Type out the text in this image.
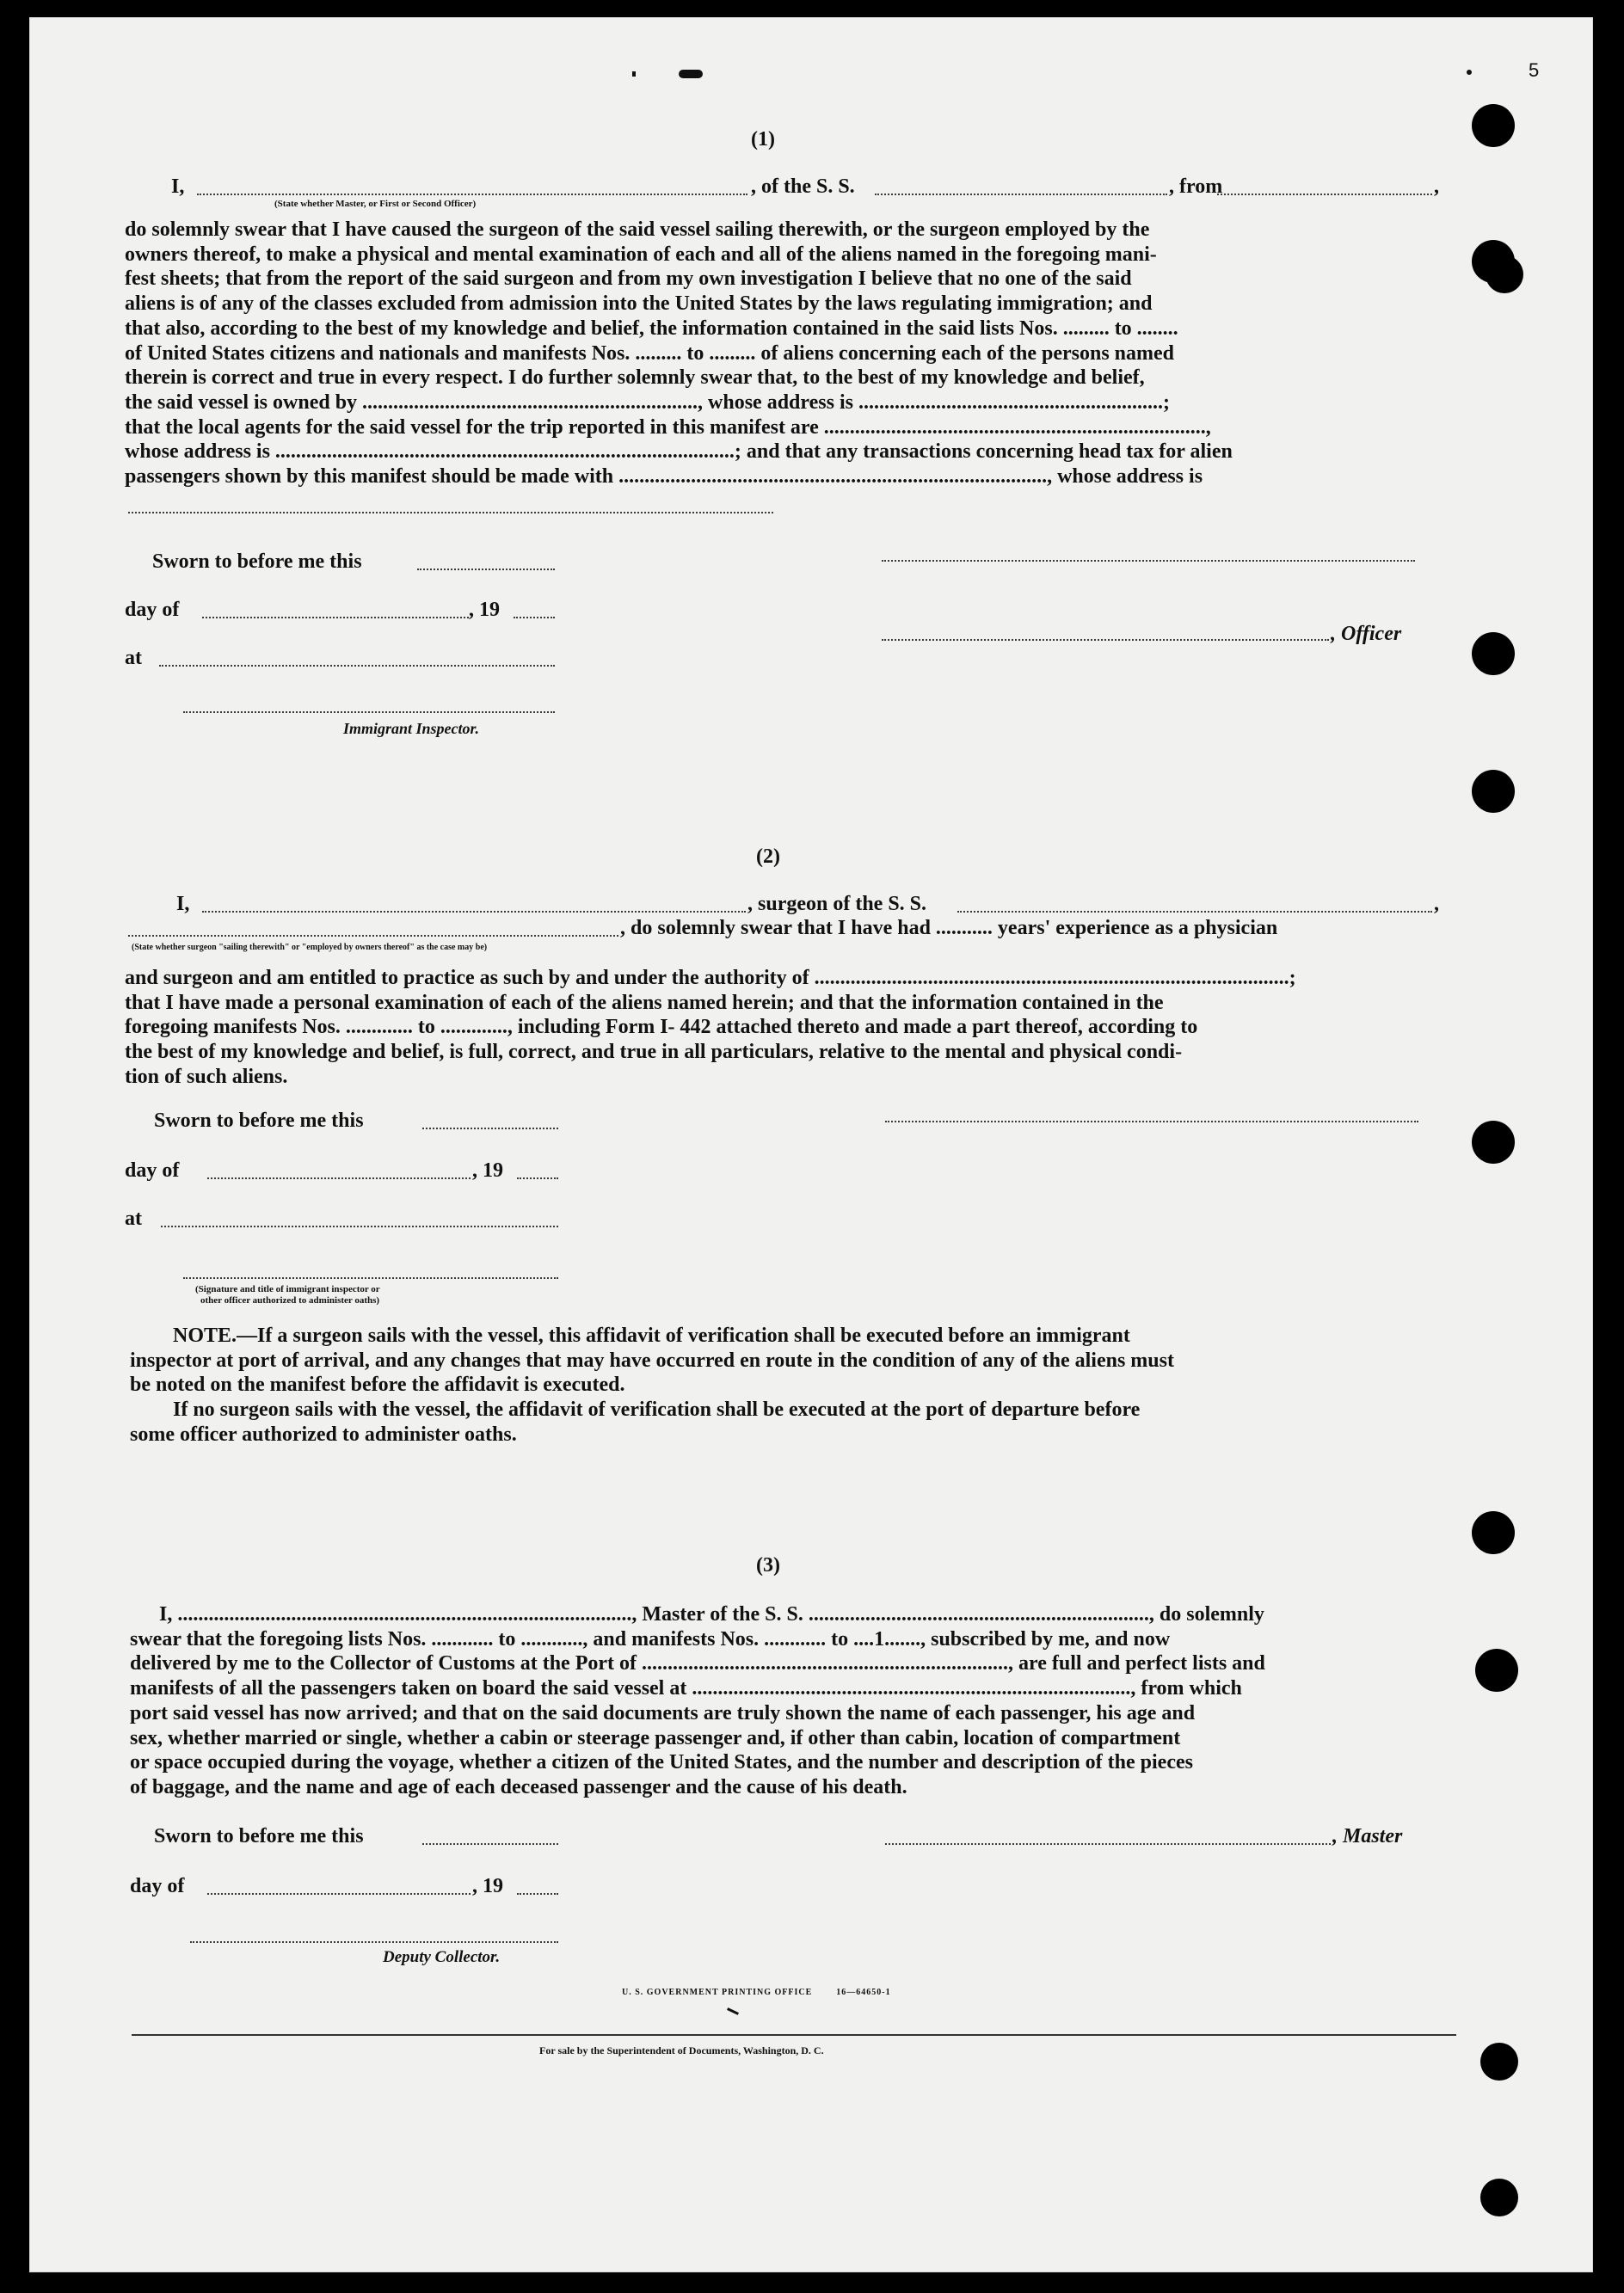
5
(1)
I,	, of the S. S.	, from	,
(State whether Master, or First or Second Officer)
do solemnly swear that I have caused the surgeon of the said vessel sailing therewith, or the surgeon employed by the
owners thereof, to make a physical and mental examination of each and all of the aliens named in the foregoing mani-
fest sheets; that from the report of the said surgeon and from my own investigation I believe that no one of the said
aliens is of any of the classes excluded from admission into the United States by the laws regulating immigration; and
that also, according to the best of my knowledge and belief, the information contained in the said lists Nos. ......... to ........
of United States citizens and nationals and manifests Nos. ......... to ......... of aliens concerning each of the persons named
therein is correct and true in every respect. I do further solemnly swear that, to the best of my knowledge and belief,
the said vessel is owned by ................................................................., whose address is ...........................................................;
that the local agents for the said vessel for the trip reported in this manifest are ..........................................................................,
whose address is .........................................................................................; and that any transactions concerning head tax for alien
passengers shown by this manifest should be made with ..................................................................................., whose address is
Sworn to before me this
day of	, 19
, Officer
at
Immigrant Inspector.
(2)
I,	, surgeon of the S. S.	,
, do solemnly swear that I have had ........... years' experience as a physician
(State whether surgeon "sailing therewith" or "employed by owners thereof" as the case may be)
and surgeon and am entitled to practice as such by and under the authority of ............................................................................................;
that I have made a personal examination of each of the aliens named herein; and that the information contained in the
foregoing manifests Nos. ............. to ............., including Form I- 442 attached thereto and made a part thereof, according to
the best of my knowledge and belief, is full, correct, and true in all particulars, relative to the mental and physical condi-
tion of such aliens.
Sworn to before me this
day of	, 19
at
(Signature and title of immigrant inspector or
other officer authorized to administer oaths)
NOTE.—If a surgeon sails with the vessel, this affidavit of verification shall be executed before an immigrant
inspector at port of arrival, and any changes that may have occurred en route in the condition of any of the aliens must
be noted on the manifest before the affidavit is executed.
If no surgeon sails with the vessel, the affidavit of verification shall be executed at the port of departure before
some officer authorized to administer oaths.
(3)
I, ........................................................................................, Master of the S. S. .................................................................., do solemnly
swear that the foregoing lists Nos. ............ to ............, and manifests Nos. ............ to ....1......., subscribed by me, and now
delivered by me to the Collector of Customs at the Port of ......................................................................., are full and perfect lists and
manifests of all the passengers taken on board the said vessel at ....................................................................................., from which
port said vessel has now arrived; and that on the said documents are truly shown the name of each passenger, his age and
sex, whether married or single, whether a cabin or steerage passenger and, if other than cabin, location of compartment
or space occupied during the voyage, whether a citizen of the United States, and the number and description of the pieces
of baggage, and the name and age of each deceased passenger and the cause of his death.
Sworn to before me this	, Master
day of	, 19
Deputy Collector.
U. S. GOVERNMENT PRINTING OFFICE        16—64650-1
For sale by the Superintendent of Documents, Washington, D. C.
